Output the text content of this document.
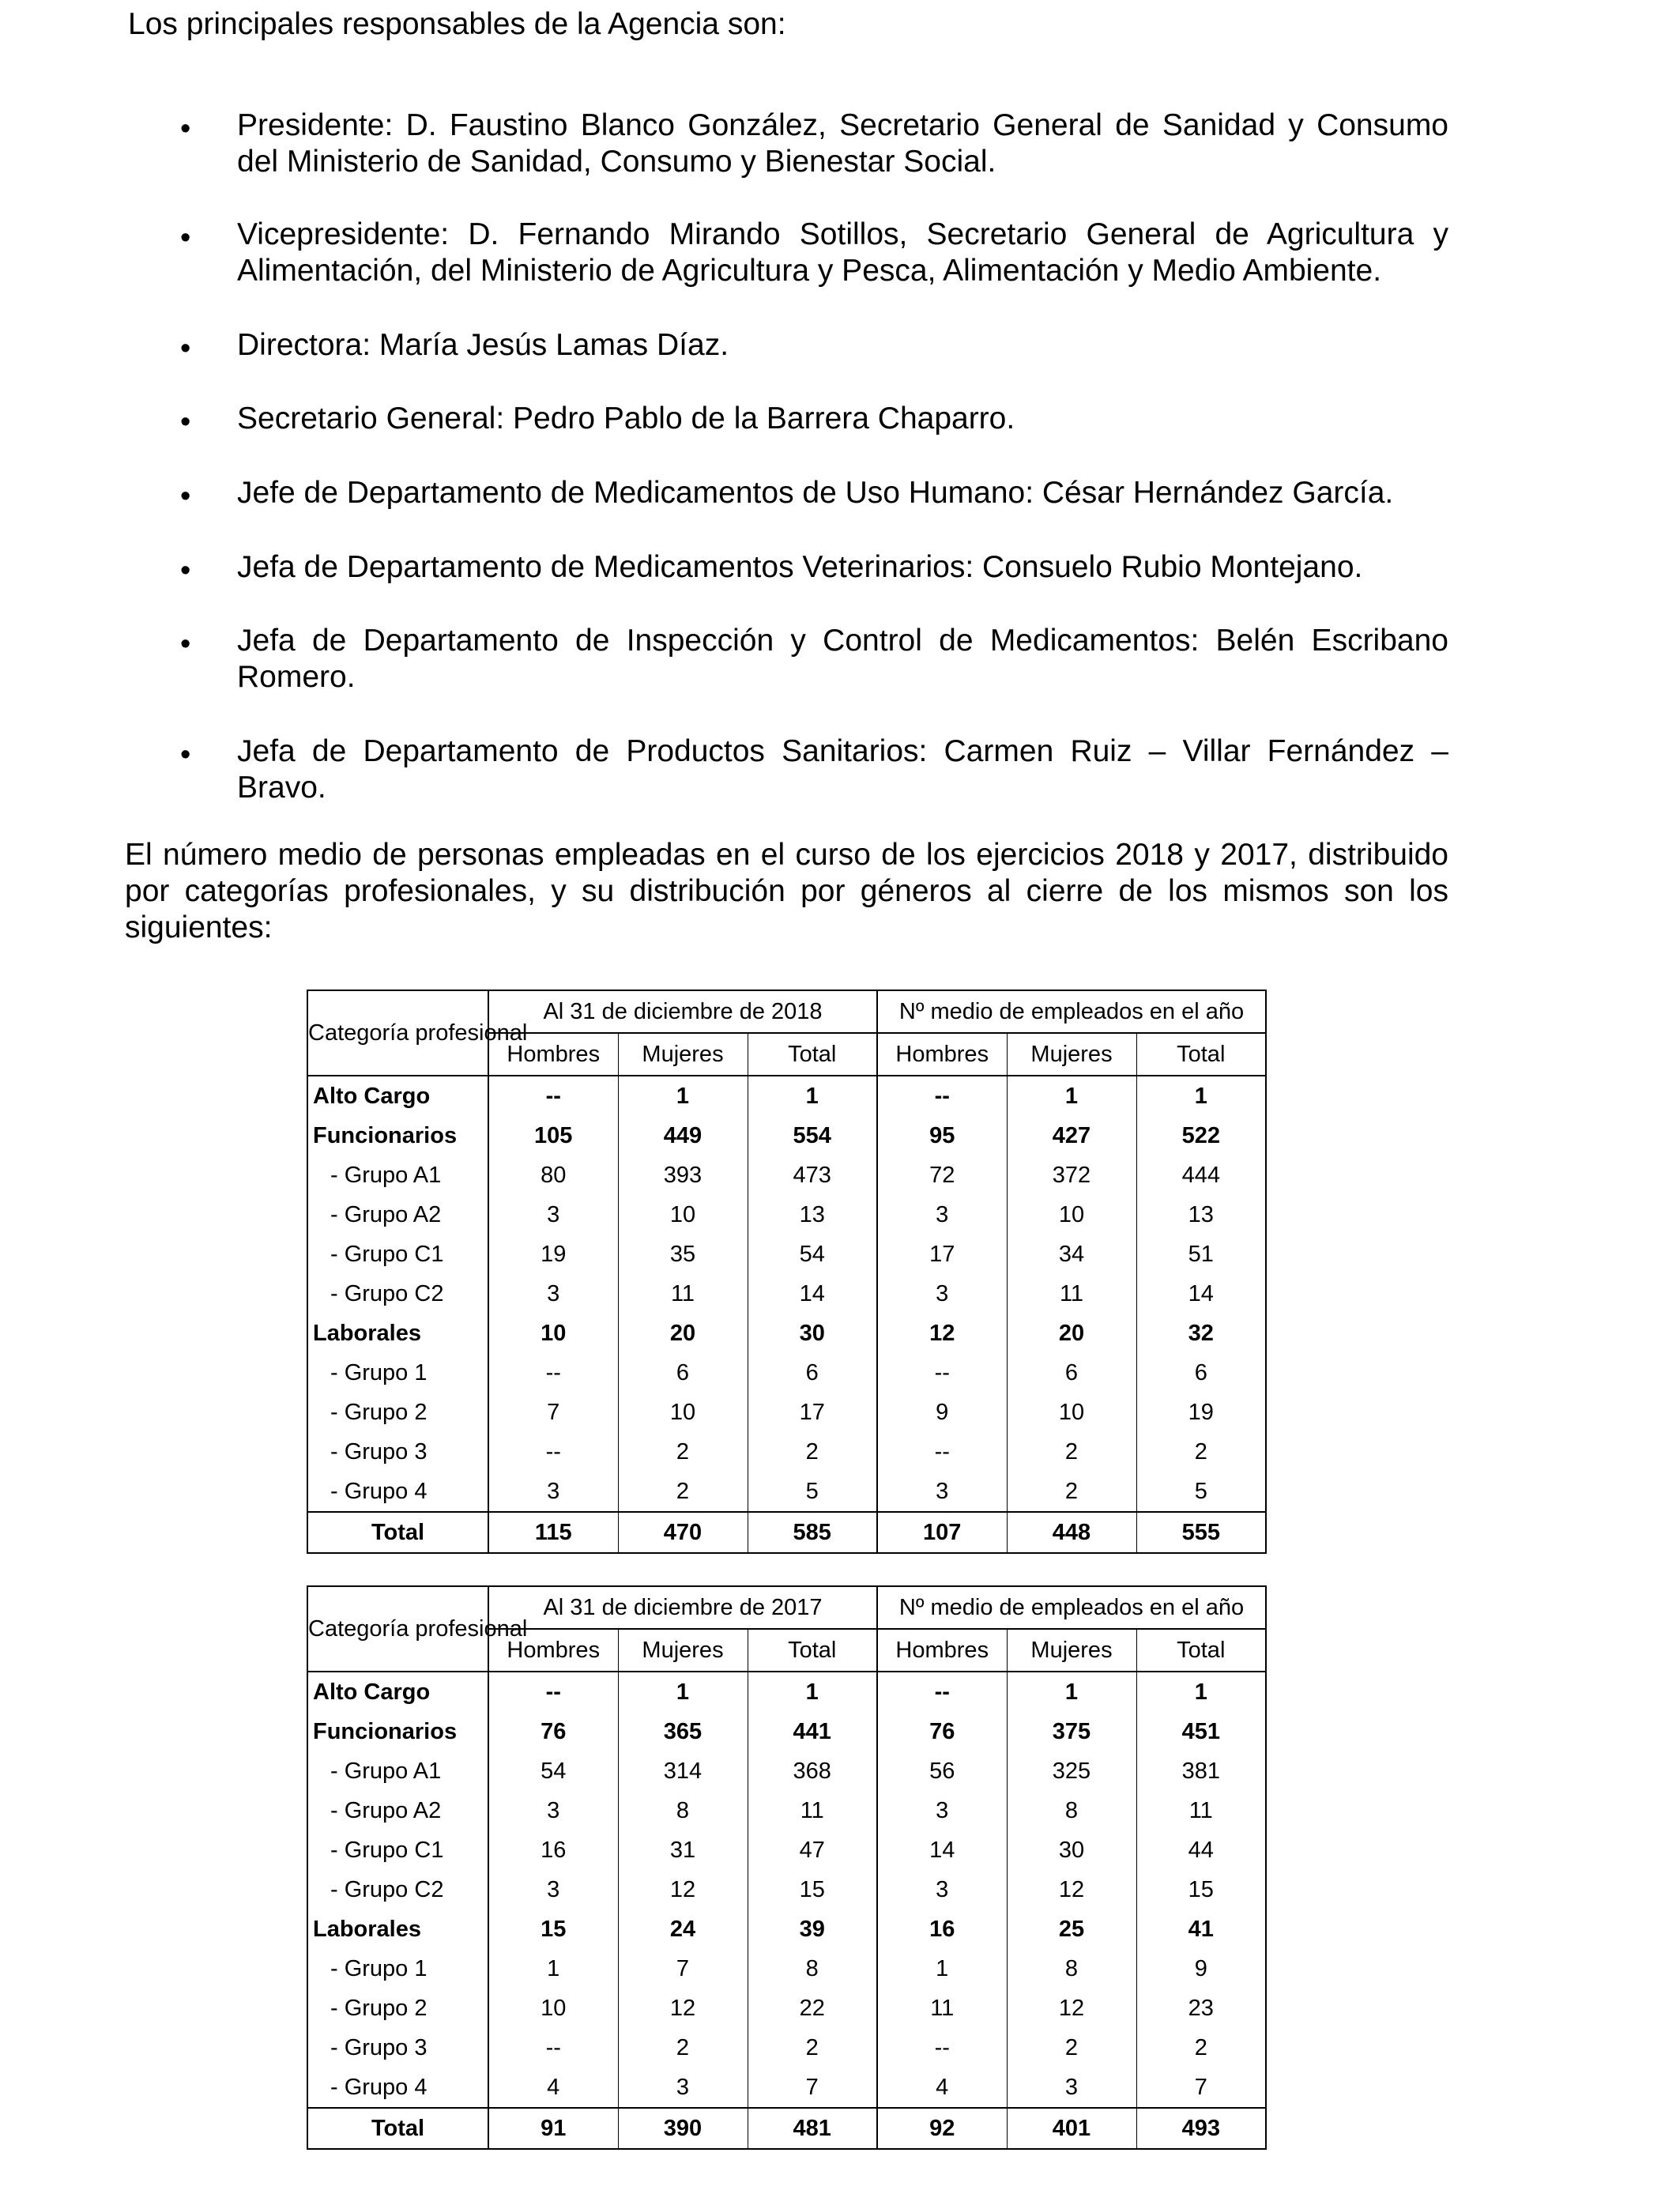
Los principales responsables de la Agencia son:
• Presidente: D. Faustino Blanco González, Secretario General de Sanidad y Consumo del Ministerio de Sanidad, Consumo y Bienestar Social.
• Vicepresidente: D. Fernando Mirando Sotillos, Secretario General de Agricultura y Alimentación, del Ministerio de Agricultura y Pesca, Alimentación y Medio Ambiente.
• Directora: María Jesús Lamas Díaz.
• Secretario General: Pedro Pablo de la Barrera Chaparro.
• Jefe de Departamento de Medicamentos de Uso Humano: César Hernández García.
• Jefa de Departamento de Medicamentos Veterinarios: Consuelo Rubio Montejano.
• Jefa de Departamento de Inspección y Control de Medicamentos: Belén Escribano Romero.
• Jefa de Departamento de Productos Sanitarios: Carmen Ruiz – Villar Fernández – Bravo.
El número medio de personas empleadas en el curso de los ejercicios 2018 y 2017, distribuido por categorías profesionales, y su distribución por géneros al cierre de los mismos son los siguientes:
Categoría profesional	Al 31 de diciembre de 2018			Nº medio de empleados en el año		
	Hombres	Mujeres	Total	Hombres	Mujeres	Total
Alto Cargo	--	1	1	--	1	1
Funcionarios	105	449	554	95	427	522
- Grupo A1	80	393	473	72	372	444
- Grupo A2	3	10	13	3	10	13
- Grupo C1	19	35	54	17	34	51
- Grupo C2	3	11	14	3	11	14
Laborales	10	20	30	12	20	32
- Grupo 1	--	6	6	--	6	6
- Grupo 2	7	10	17	9	10	19
- Grupo 3	--	2	2	--	2	2
- Grupo 4	3	2	5	3	2	5
Total	115	470	585	107	448	555
Categoría profesional	Al 31 de diciembre de 2017			Nº medio de empleados en el año		
	Hombres	Mujeres	Total	Hombres	Mujeres	Total
Alto Cargo	--	1	1	--	1	1
Funcionarios	76	365	441	76	375	451
- Grupo A1	54	314	368	56	325	381
- Grupo A2	3	8	11	3	8	11
- Grupo C1	16	31	47	14	30	44
- Grupo C2	3	12	15	3	12	15
Laborales	15	24	39	16	25	41
- Grupo 1	1	7	8	1	8	9
- Grupo 2	10	12	22	11	12	23
- Grupo 3	--	2	2	--	2	2
- Grupo 4	4	3	7	4	3	7
Total	91	390	481	92	401	493
